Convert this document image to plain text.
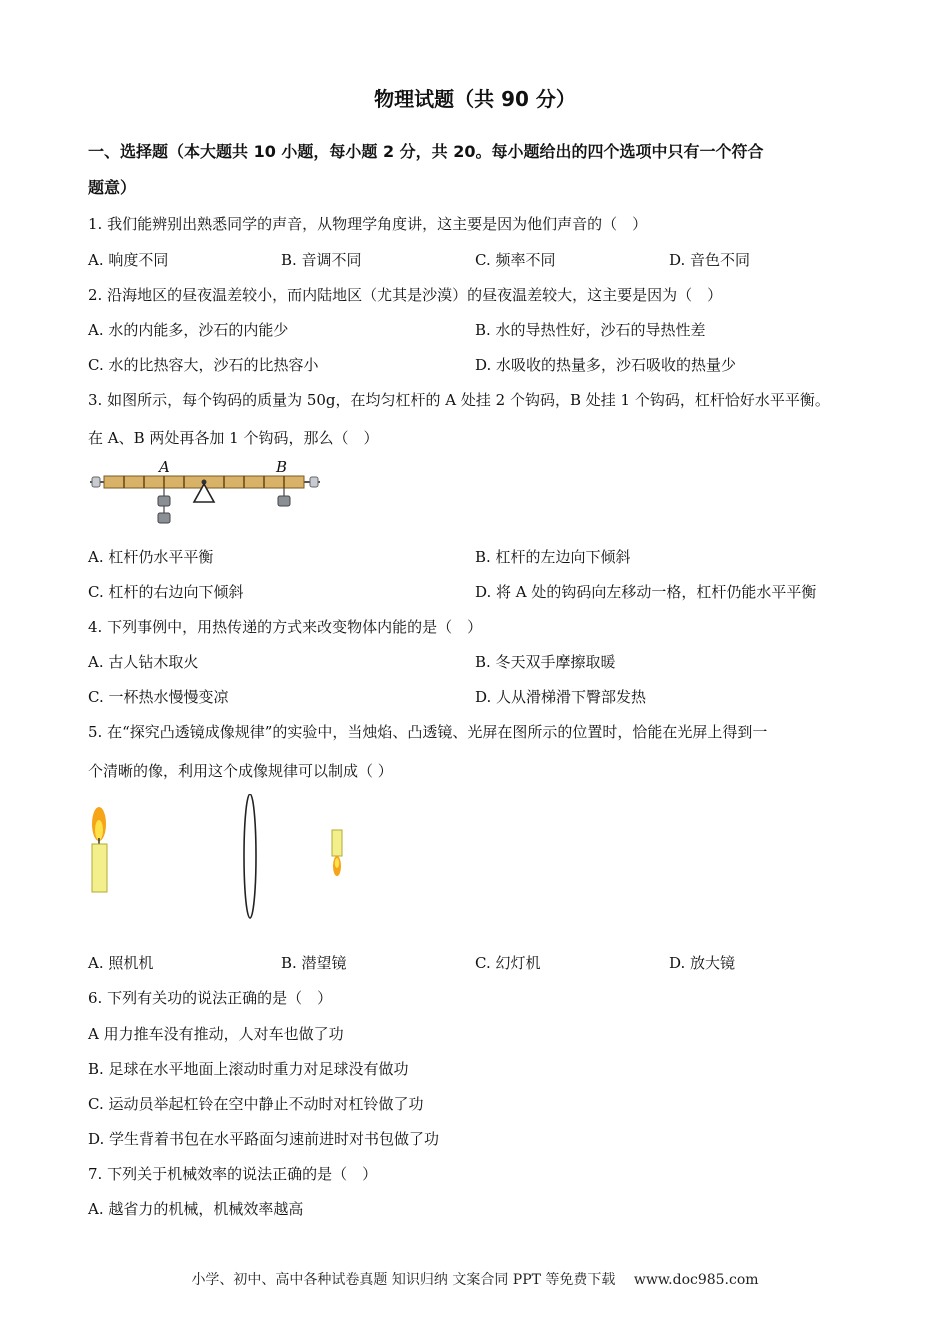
物理试题（共 90 分）
一、选择题（本大题共 10 小题，每小题 2 分，共 20。每小题给出的四个选项中只有一个符合
题意）
1. 我们能辨别出熟悉同学的声音，从物理学角度讲，这主要是因为他们声音的（　）
A. 响度不同	B. 音调不同	C. 频率不同	D. 音色不同
2. 沿海地区的昼夜温差较小，而内陆地区（尤其是沙漠）的昼夜温差较大，这主要是因为（　）
A. 水的内能多，沙石的内能少	B. 水的导热性好，沙石的导热性差
C. 水的比热容大，沙石的比热容小	D. 水吸收的热量多，沙石吸收的热量少
3. 如图所示，每个钩码的质量为 50g，在均匀杠杆的 A 处挂 2 个钩码，B 处挂 1 个钩码，杠杆恰好水平平衡。
在 A、B 两处再各加 1 个钩码，那么（　）
A	B
A. 杠杆仍水平平衡	B. 杠杆的左边向下倾斜
C. 杠杆的右边向下倾斜	D. 将 A 处的钩码向左移动一格，杠杆仍能水平平衡
4. 下列事例中，用热传递的方式来改变物体内能的是（　）
A. 古人钻木取火	B. 冬天双手摩擦取暖
C. 一杯热水慢慢变凉	D. 人从滑梯滑下臀部发热
5. 在“探究凸透镜成像规律”的实验中，当烛焰、凸透镜、光屏在图所示的位置时，恰能在光屏上得到一
个清晰的像，利用这个成像规律可以制成（ ）
A. 照机机	B. 潜望镜	C. 幻灯机	D. 放大镜
6. 下列有关功的说法正确的是（　）
A 用力推车没有推动，人对车也做了功
B. 足球在水平地面上滚动时重力对足球没有做功
C. 运动员举起杠铃在空中静止不动时对杠铃做了功
D. 学生背着书包在水平路面匀速前进时对书包做了功
7. 下列关于机械效率的说法正确的是（　）
A. 越省力的机械，机械效率越高
小学、初中、高中各种试卷真题 知识归纳 文案合同 PPT 等免费下载　 www.doc985.com
